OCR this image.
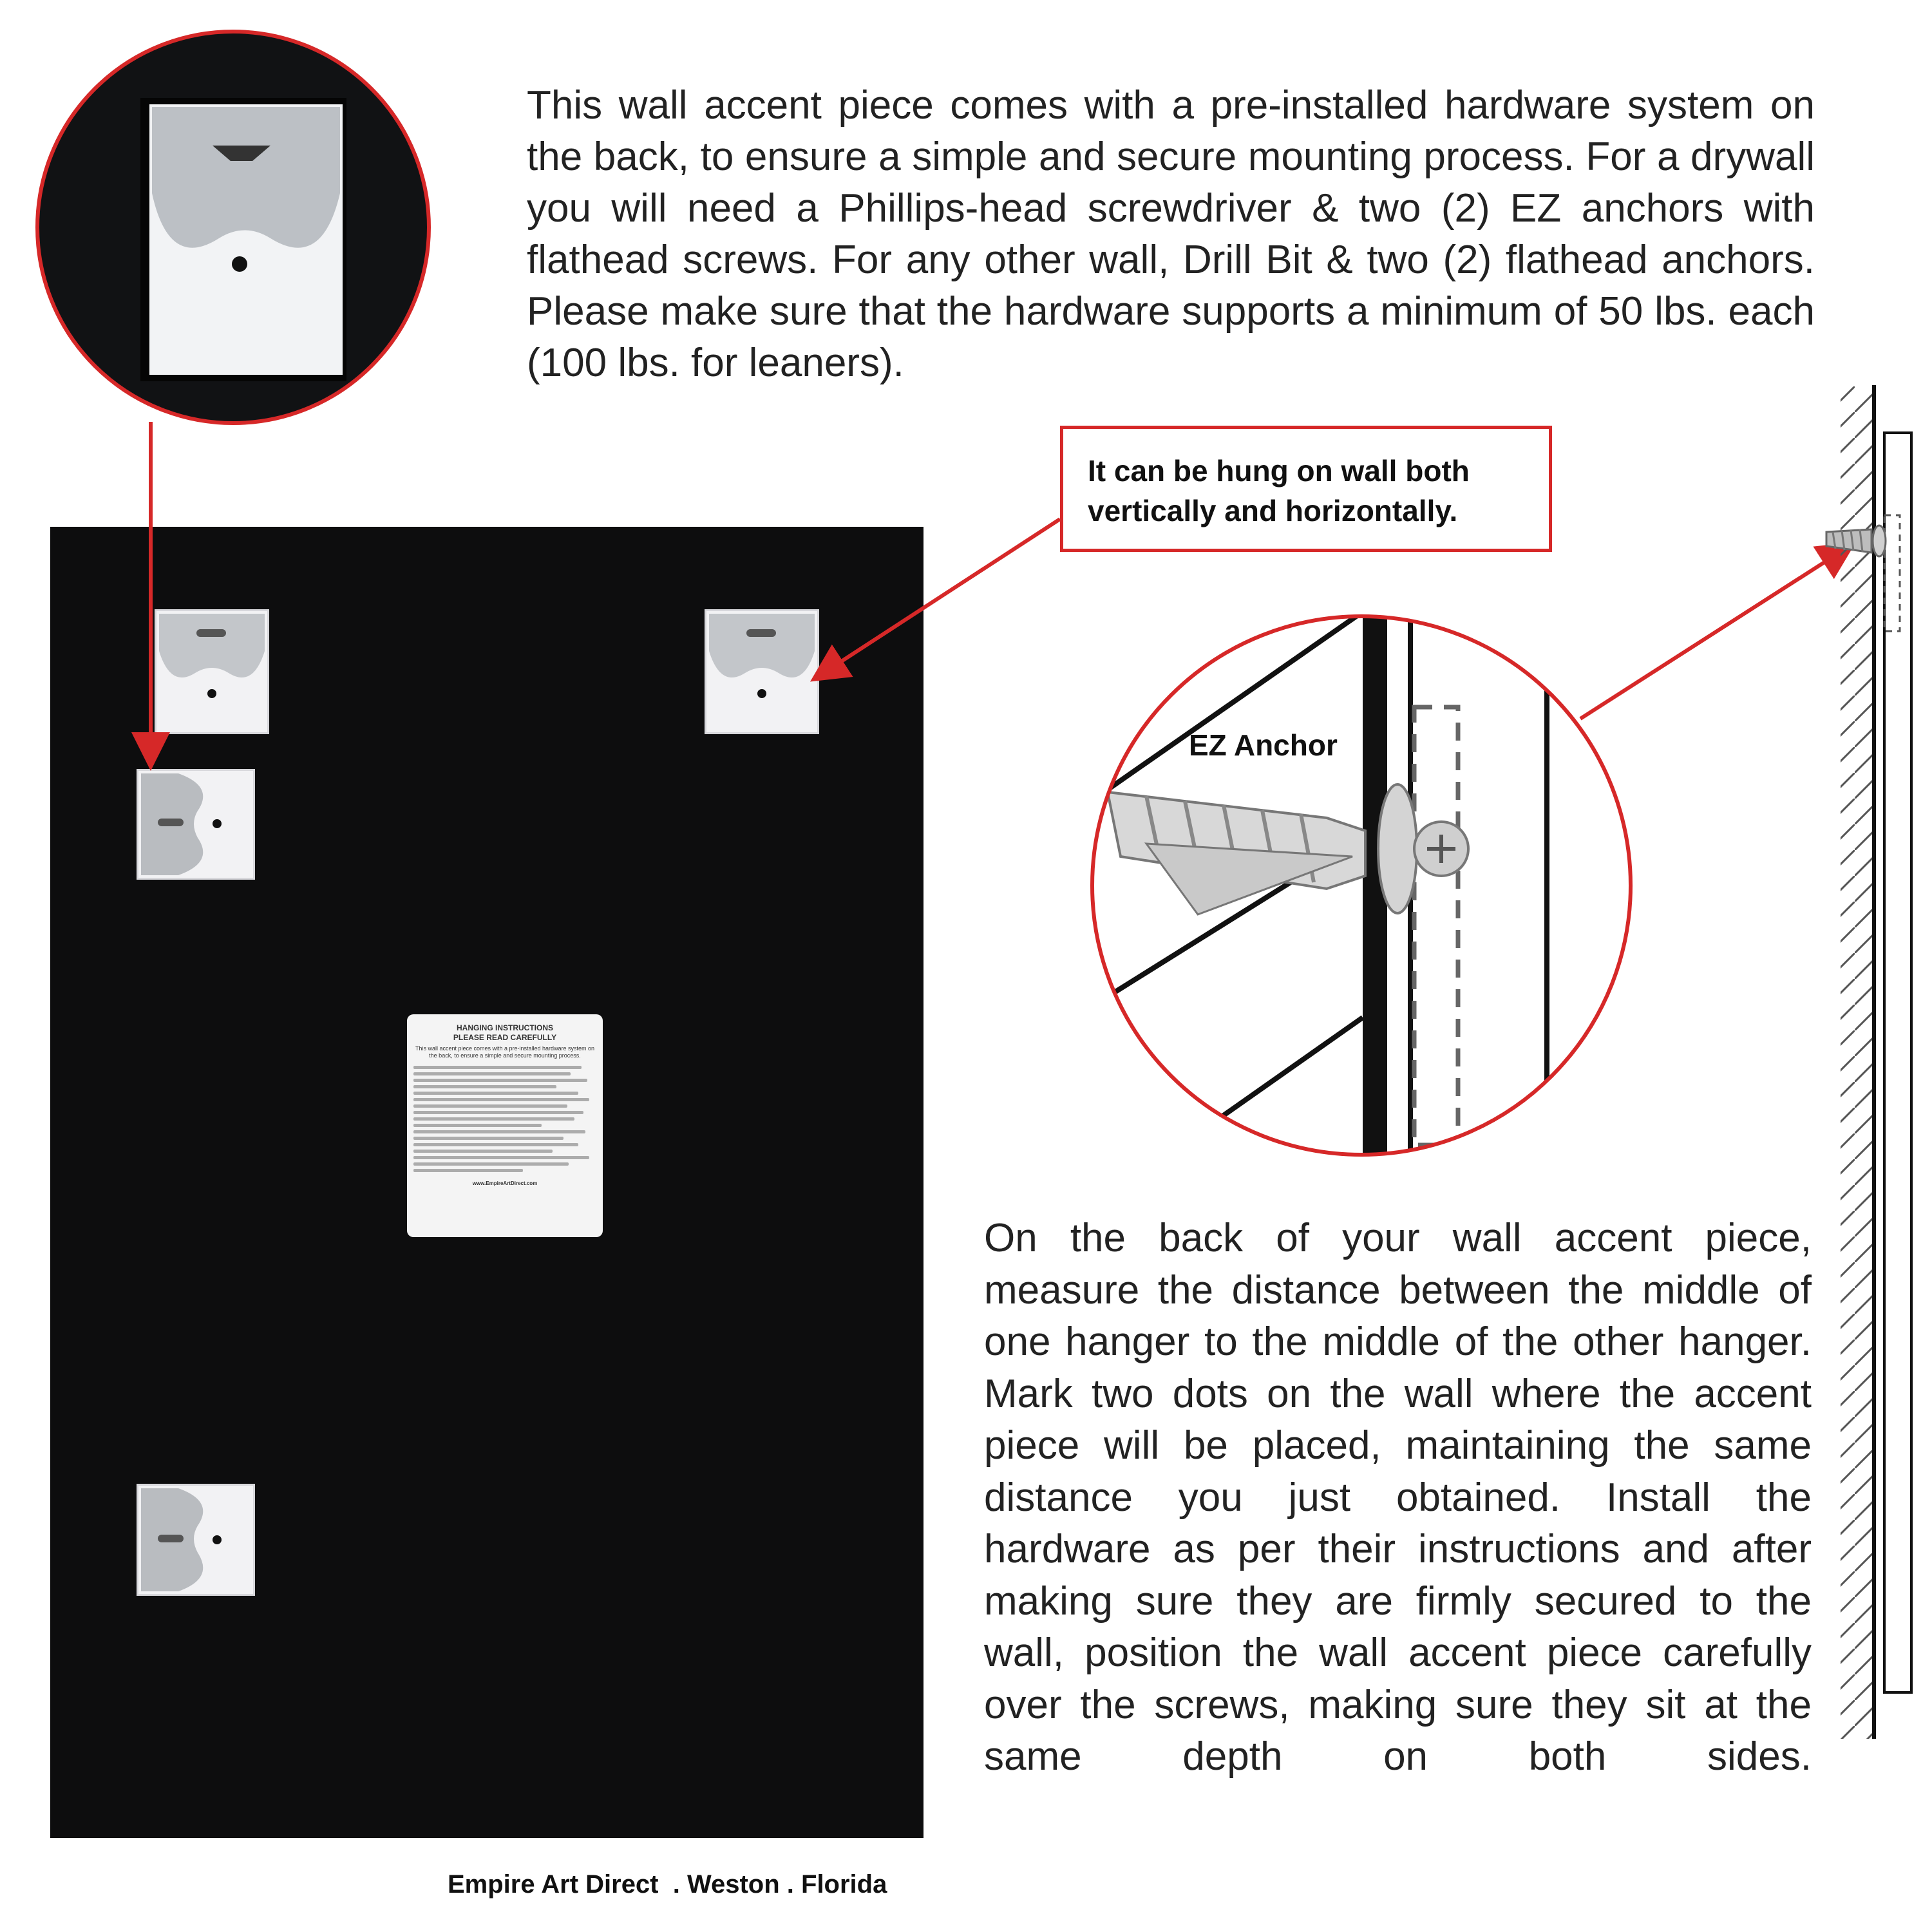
HANGING INSTRUCTIONS
PLEASE READ CAREFULLY
This wall accent piece comes with a pre-installed hardware system on the back, to ensure a simple and secure mounting process.
www.EmpireArtDirect.com
This wall accent piece comes with a pre-installed hardware system on the back, to ensure a simple and secure mounting process. For a drywall you will need a Phillips-head screwdriver & two (2) EZ anchors with flathead screws. For any other wall, Drill Bit & two (2) flathead anchors. Please make sure that the hardware supports a minimum of 50 lbs. each (100 lbs. for leaners).
It can be hung on wall both
vertically and horizontally.
EZ Anchor
On the back of your wall accent piece, measure the distance between the middle of one hanger to the middle of the other hanger. Mark two dots on the wall where the accent piece will be placed, maintaining the same distance you just obtained. Install the hardware as per their instructions and after making sure they are firmly secured to the wall, position the wall accent piece carefully over the screws, making sure they sit at the same depth on both sides.
Empire Art Direct  . Weston . Florida
